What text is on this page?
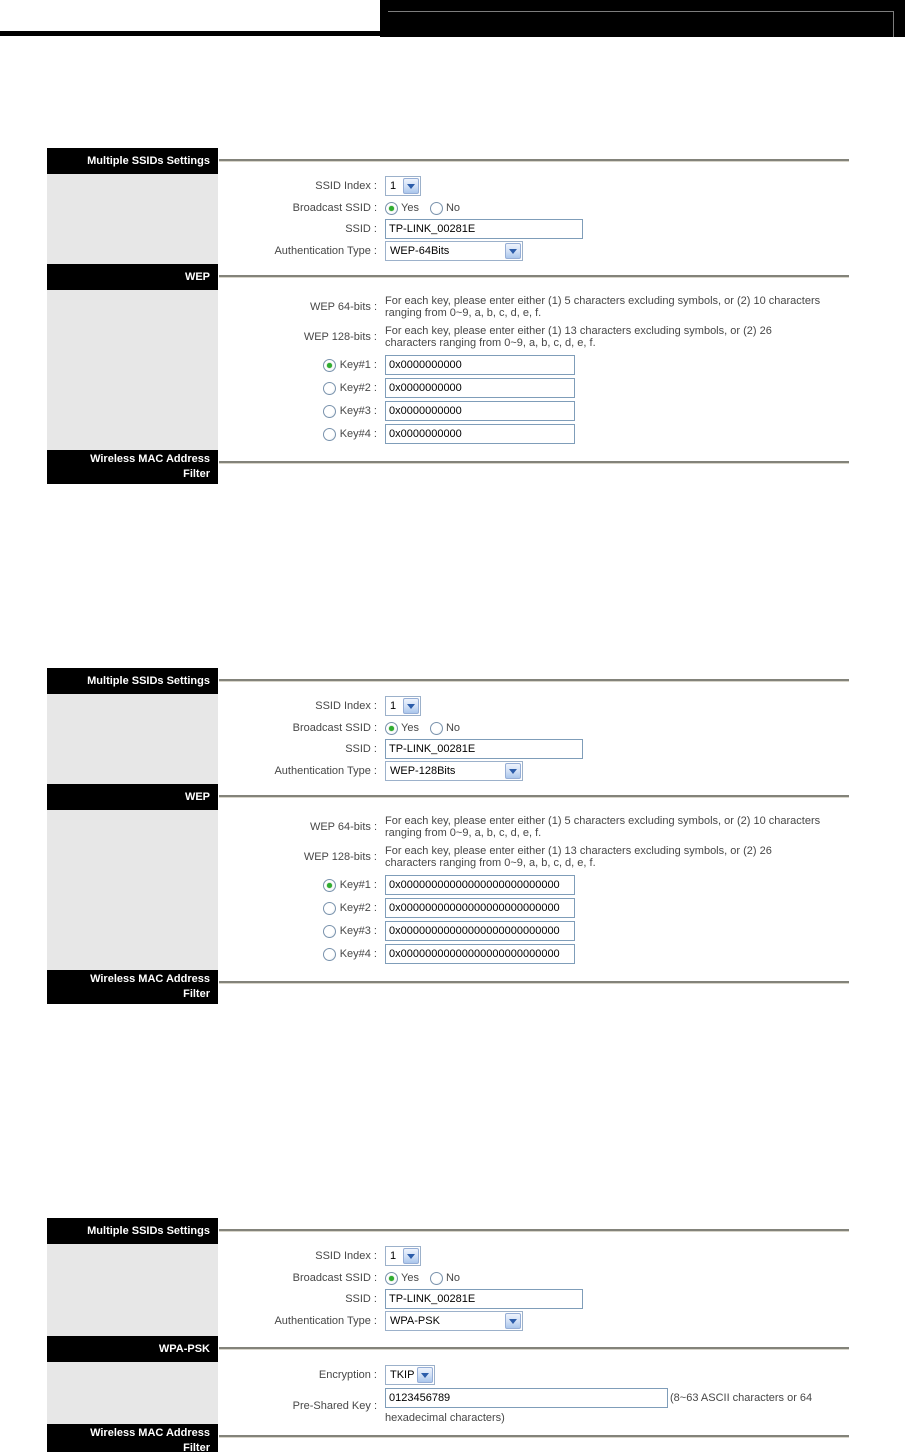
Multiple SSIDs Settings
SSID Index : 1
Broadcast SSID : Yes No
SSID :
TP-LINK_00281E
Authentication Type : WEP-64Bits
WEP
WEP 64-bits : For each key, please enter either (1) 5 characters excluding symbols, or (2) 10 characters
ranging from 0~9, a, b, c, d, e, f.
WEP 128-bits : For each key, please enter either (1) 13 characters excluding symbols, or (2) 26
characters ranging from 0~9, a, b, c, d, e, f.
Key#1 :
0x0000000000
Key#2 :
0x0000000000
Key#3 :
0x0000000000
Key#4 :
0x0000000000
Wireless MAC Address
Filter
Multiple SSIDs Settings
SSID Index : 1
Broadcast SSID : Yes No
SSID :
TP-LINK_00281E
Authentication Type : WEP-128Bits
WEP
WEP 64-bits : For each key, please enter either (1) 5 characters excluding symbols, or (2) 10 characters
ranging from 0~9, a, b, c, d, e, f.
WEP 128-bits : For each key, please enter either (1) 13 characters excluding symbols, or (2) 26
characters ranging from 0~9, a, b, c, d, e, f.
Key#1 :
0x00000000000000000000000000
Key#2 :
0x00000000000000000000000000
Key#3 :
0x00000000000000000000000000
Key#4 :
0x00000000000000000000000000
Wireless MAC Address
Filter
Multiple SSIDs Settings
SSID Index : 1
Broadcast SSID : Yes No
SSID :
TP-LINK_00281E
Authentication Type : WPA-PSK
WPA-PSK
Encryption : TKIP
Pre-Shared Key :
0123456789
(8~63 ASCII characters or 64
hexadecimal characters)
Wireless MAC Address
Filter
